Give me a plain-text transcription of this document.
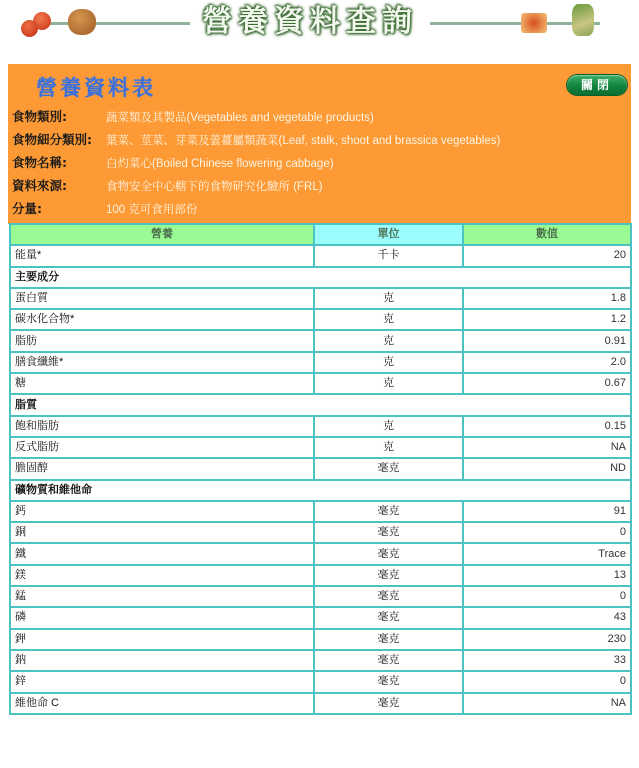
營養資料查詢
營養資料表	關閉
食物類別:	蔬菜類及其製品(Vegetables and vegetable products)
食物細分類別: 葉菜、莖菜、芽菜及蕓薹屬類蔬菜(Leaf, stalk, shoot and brassica vegetables)
食物名稱:	白灼菜心(Boiled Chinese flowering cabbage)
資料來源:	食物安全中心轄下的食物研究化驗所 (FRL)
分量:	100 克可食用部份
營養	單位	數值
能量*	千卡	20
主要成分		
蛋白質	克	1.8
碳水化合物*	克	1.2
脂肪	克	0.91
膳食纖維*	克	2.0
糖	克	0.67
脂質		
飽和脂肪	克	0.15
反式脂肪	克	NA
膽固醇	毫克	ND
礦物質和維他命		
鈣	毫克	91
銅	毫克	0
鐵	毫克	Trace
鎂	毫克	13
錳	毫克	0
磷	毫克	43
鉀	毫克	230
鈉	毫克	33
鋅	毫克	0
維他命 C	毫克	NA
